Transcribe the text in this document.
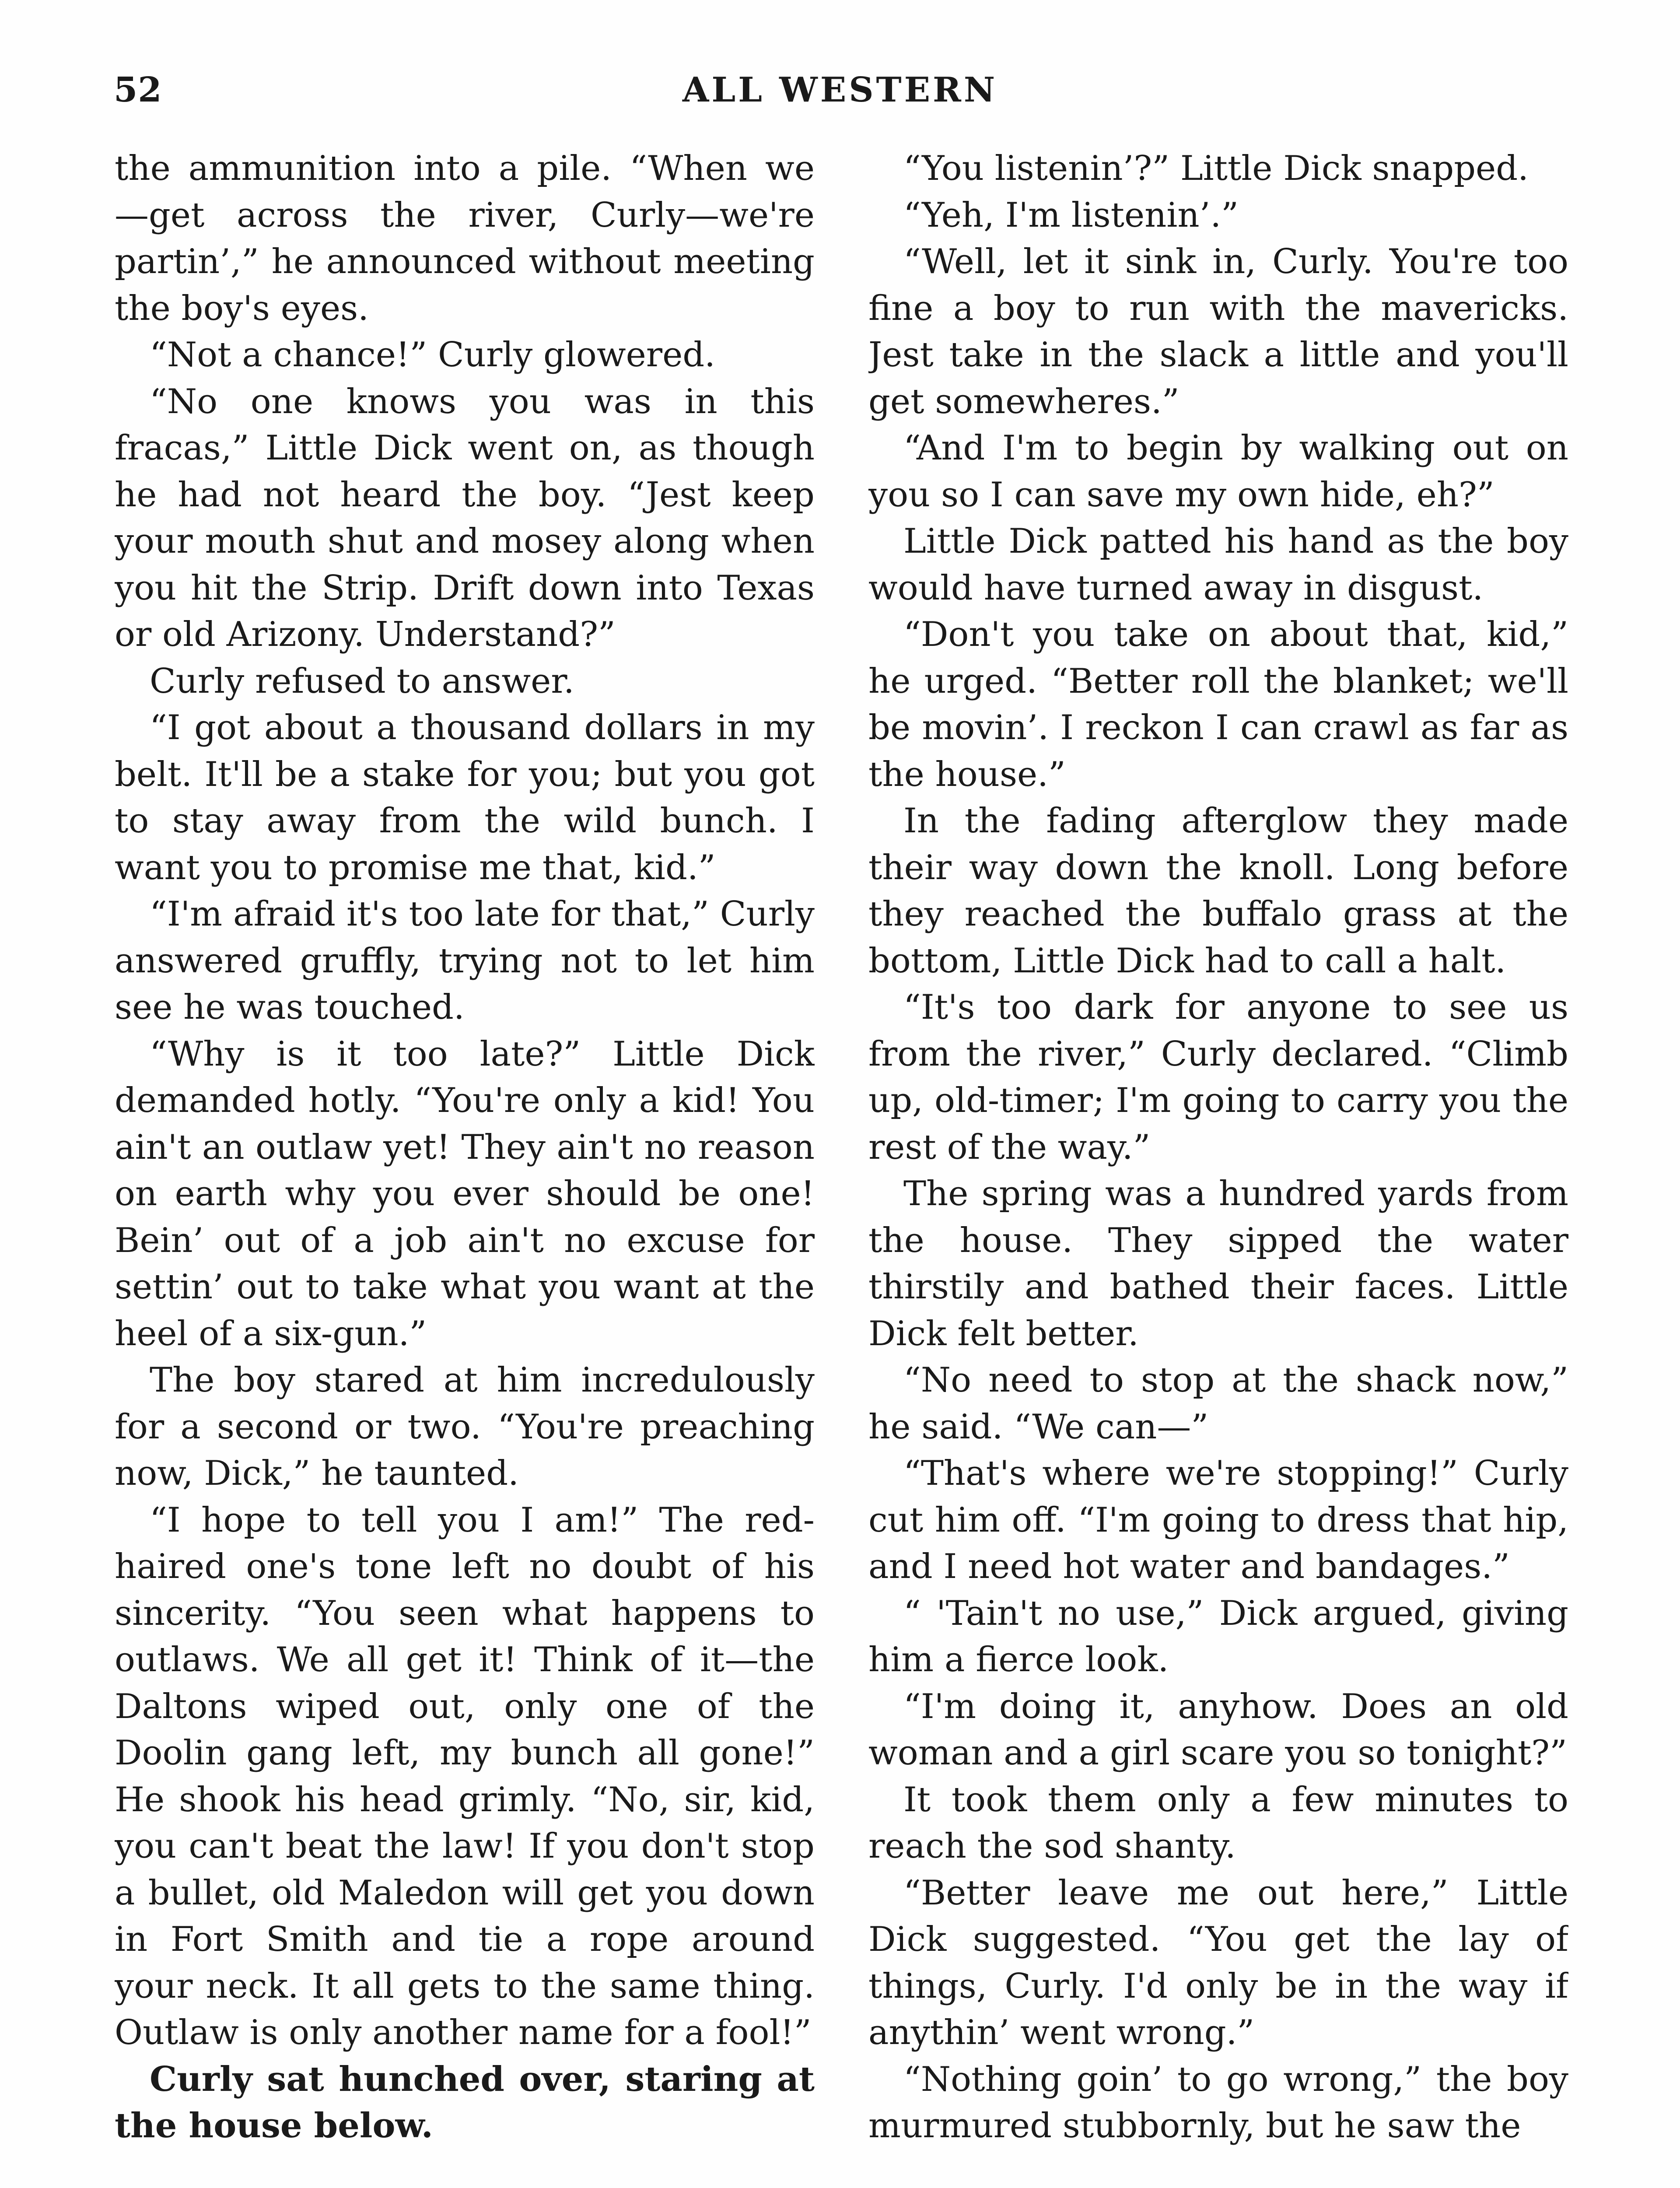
52	ALL WESTERN

the ammunition into a pile. “When we —get across the river, Curly—we're partin’,” he announced without meeting the boy's eyes.

“Not a chance!” Curly glowered.

“No one knows you was in this fracas,” Little Dick went on, as though he had not heard the boy. “Jest keep your mouth shut and mosey along when you hit the Strip. Drift down into Texas or old Arizony. Understand?”

Curly refused to answer.

“I got about a thousand dollars in my belt. It'll be a stake for you; but you got to stay away from the wild bunch. I want you to promise me that, kid.”

“I'm afraid it's too late for that,” Curly answered gruffly, trying not to let him see he was touched.

“Why is it too late?” Little Dick demanded hotly. “You're only a kid! You ain't an outlaw yet! They ain't no reason on earth why you ever should be one! Bein’ out of a job ain't no excuse for settin’ out to take what you want at the heel of a six-gun.”

The boy stared at him incredulously for a second or two. “You're preaching now, Dick,” he taunted.

“I hope to tell you I am!” The red-haired one's tone left no doubt of his sincerity. “You seen what happens to outlaws. We all get it! Think of it—the Daltons wiped out, only one of the Doolin gang left, my bunch all gone!” He shook his head grimly. “No, sir, kid, you can't beat the law! If you don't stop a bullet, old Maledon will get you down in Fort Smith and tie a rope around your neck. It all gets to the same thing. Outlaw is only another name for a fool!”

Curly sat hunched over, staring at the house below.

“You listenin’?” Little Dick snapped.

“Yeh, I'm listenin’.”

“Well, let it sink in, Curly. You're too fine a boy to run with the mavericks. Jest take in the slack a little and you'll get somewheres.”

“And I'm to begin by walking out on you so I can save my own hide, eh?”

Little Dick patted his hand as the boy would have turned away in disgust.

“Don't you take on about that, kid,” he urged. “Better roll the blanket; we'll be movin’. I reckon I can crawl as far as the house.”

In the fading afterglow they made their way down the knoll. Long before they reached the buffalo grass at the bottom, Little Dick had to call a halt.

“It's too dark for anyone to see us from the river,” Curly declared. “Climb up, old-timer; I'm going to carry you the rest of the way.”

The spring was a hundred yards from the house. They sipped the water thirstily and bathed their faces. Little Dick felt better.

“No need to stop at the shack now,” he said. “We can—”

“That's where we're stopping!” Curly cut him off. “I'm going to dress that hip, and I need hot water and bandages.”

“ 'Tain't no use,” Dick argued, giving him a fierce look.

“I'm doing it, anyhow. Does an old woman and a girl scare you so tonight?”

It took them only a few minutes to reach the sod shanty.

“Better leave me out here,” Little Dick suggested. “You get the lay of things, Curly. I'd only be in the way if anythin’ went wrong.”

“Nothing goin’ to go wrong,” the boy murmured stubbornly, but he saw the
